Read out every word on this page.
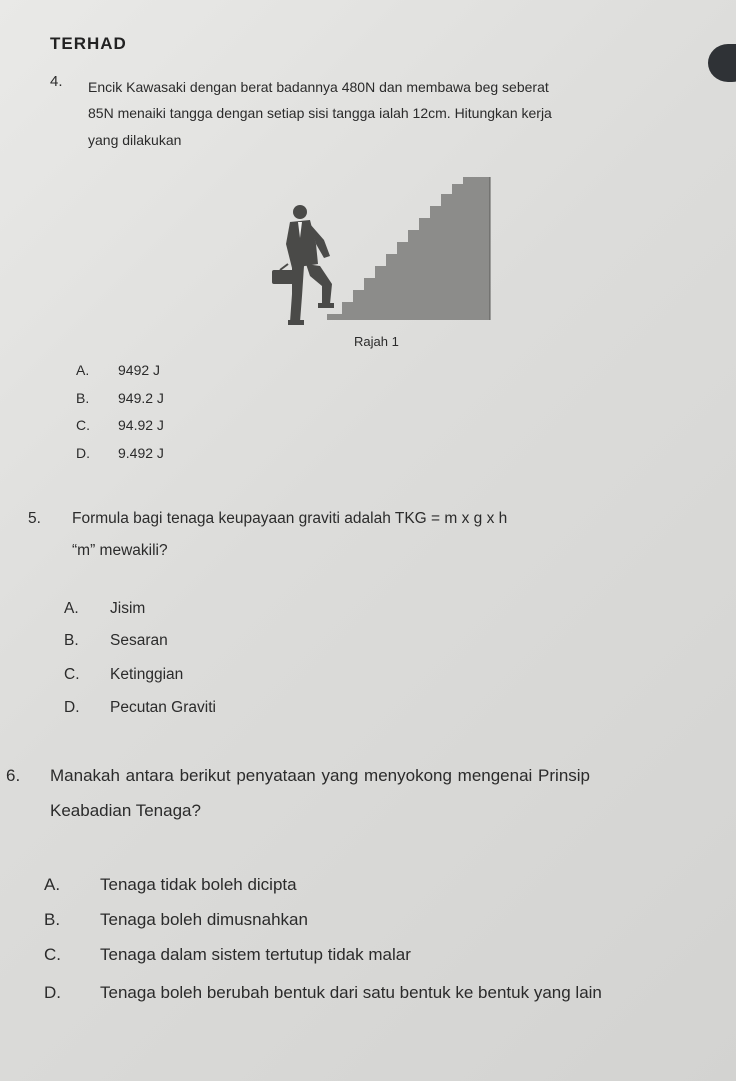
TERHAD
4. Encik Kawasaki dengan berat badannya 480N dan membawa beg seberat
85N menaiki tangga dengan setiap sisi tangga ialah 12cm. Hitungkan kerja
yang dilakukan
Rajah 1
A. 9492 J
B. 949.2 J
C. 94.92 J
D. 9.492 J
5. Formula bagi tenaga keupayaan graviti adalah TKG = m x g x h
“m” mewakili?
A. Jisim
B. Sesaran
C. Ketinggian
D. Pecutan Graviti
6. Manakah antara berikut penyataan yang menyokong mengenai Prinsip
Keabadian Tenaga?
A. Tenaga tidak boleh dicipta
B. Tenaga boleh dimusnahkan
C. Tenaga dalam sistem tertutup tidak malar
D. Tenaga boleh berubah bentuk dari satu bentuk ke bentuk yang lain
